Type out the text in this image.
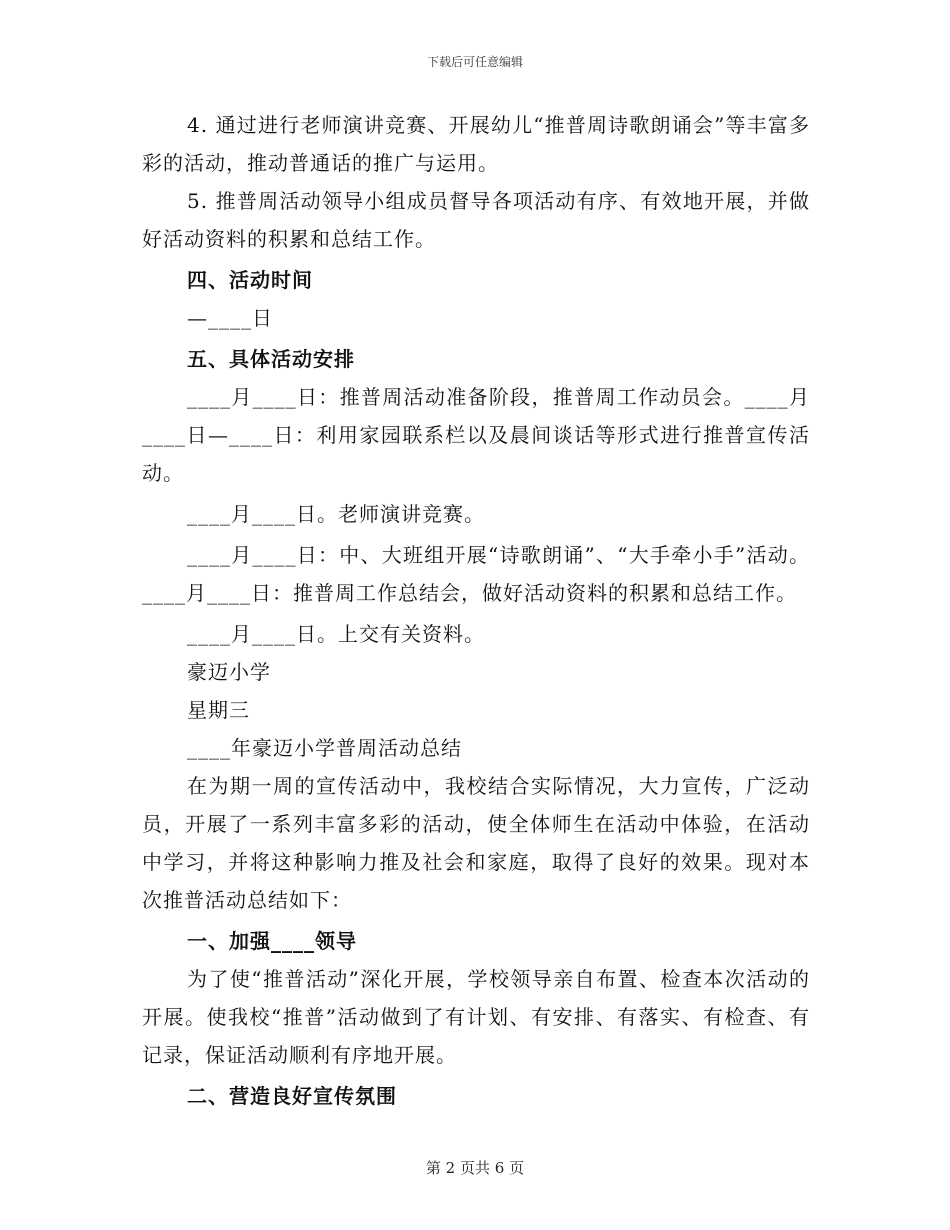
下载后可任意编辑

4. 通过进行老师演讲竞赛、开展幼儿“推普周诗歌朗诵会”等丰富多彩的活动，推动普通话的推广与运用。

5. 推普周活动领导小组成员督导各项活动有序、有效地开展，并做好活动资料的积累和总结工作。

四、活动时间

—____日

五、具体活动安排

____月____日：推普周活动准备阶段，推普周工作动员会。____月____日—____日：利用家园联系栏以及晨间谈话等形式进行推普宣传活动。

____月____日。老师演讲竞赛。

____月____日：中、大班组开展“诗歌朗诵”、“大手牵小手”活动。____月____日：推普周工作总结会，做好活动资料的积累和总结工作。

____月____日。上交有关资料。

豪迈小学

星期三

____年豪迈小学普周活动总结

在为期一周的宣传活动中，我校结合实际情况，大力宣传，广泛动员，开展了一系列丰富多彩的活动，使全体师生在活动中体验，在活动中学习，并将这种影响力推及社会和家庭，取得了良好的效果。现对本次推普活动总结如下：

一、加强____领导

为了使“推普活动”深化开展，学校领导亲自布置、检查本次活动的开展。使我校“推普”活动做到了有计划、有安排、有落实、有检查、有记录，保证活动顺利有序地开展。

二、营造良好宣传氛围

第 2 页共 6 页
